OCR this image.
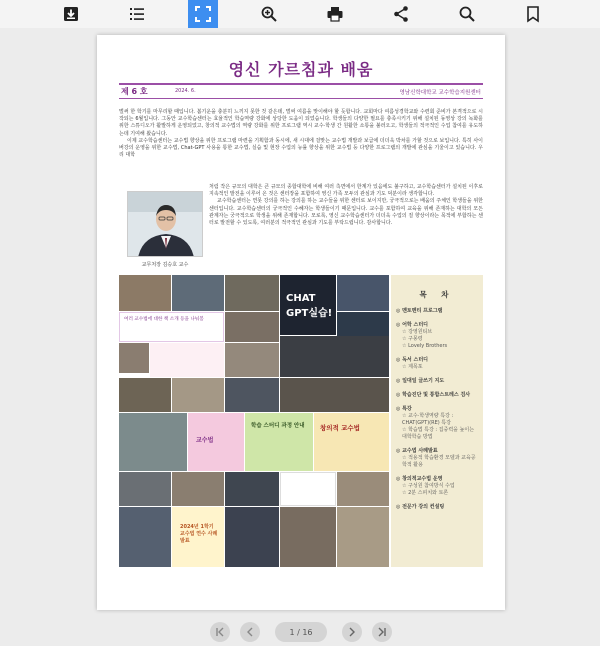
영신 가르침과 배움
제 6 호	2024. 6.	영남신학대학교 교수학습지원센터

벌써 한 학기를 마무리할 때입니다. 봄기운을 충분히 느끼지 못한 것 같은데, 벌써 여름을 맞이해야 할 듯합니다. 교회마다 여름성경학교와 수련회 준비가 본격적으로 시작되는 6월입니다. 그동안 교수학습센터는 효율적인 학습역량 강화에 상당한 도움이 되었습니다. 학생들의 다양한 필요를 충족시키기 위해 설치된 동영상 강의 녹화를 위한 스튜디오가 활발하게 운영되었고, 창의적 교수법의 역량 강화를 위한 프로그램 역시 교수·학생 간 원활한 소통을 불러오고, 학생들의 적극적인 수업 참여를 유도하는데 기여해 왔습니다.

이제 교수학습센터는 교수법 향상을 위한 프로그램 마련을 기획함과 동시에, 새 시대에 걸맞는 교수법 개발과 보급에 더더욱 박차를 가할 것으로 보입니다. 특히 사이버강의 운영을 위한 교수법, Chat-GPT 사용을 통한 교수법, 실습 및 현장 수업의 능률 향상을 위한 교수법 등 다양한 프로그램의 개발에 관심을 기울이고 있습니다. 우리 대학

교무처장 김승호 교수

처럼 작은 규모의 대학은 큰 규모의 종합대학에 비해 여러 측면에서 한계가 있음에도 불구하고, 교수학습센터가 설치된 이후로 지속적인 발전을 이루어 온 것은 센터장을 포함하여 영신 가족 모두의 관심과 기도 덕분이라 생각합니다.

교수학습센터는 연못 강의를 하는 강의를 하는 교수들을 위한 센터로 보이지만, 궁극적으로는 배움의 주체인 학생들을 위한 센터입니다. 교수학습센터의 궁극적인 수혜자는 학생들이기 때문입니다. 교수를 포함하여 교육을 위해 존재하는 대학의 모든 관계자는 궁극적으로 학생을 위해 존재합니다. 모로록, 영신 교수학습센터가 더더욱 수업의 질 향상이라는 목적에 부합하는 센터로 발전할 수 있도록, 여러분의 적극적인 관심과 기도를 부탁드립니다. 감사합니다.

CHAT GPT실습!
여러 교수법에 대한 책 소개 등을 나눠봄
교수법
학습 스터디 과정 안내	창의적 교수법
2024년 1학기 교수법 연수 사례 발표
목 차
◎ 멘토멘티 프로그램
◎ 어학 스터디
☆ 강영원티브
☆ 구몽령
☆ Lovely Brothers
◎ 독서 스터디
☆ 제목포
◎ 일대일 글쓰기 지도
◎ 학습진단 및 통합스트레스 검사
◎ 특강
☆ 교수·학생역량 특강 : CHAT(GPT)(RE) 특강
☆ 학습법 특강 : 집중력을 높이는 대학학습 방법
◎ 교수법 사례발표
☆ 적용적 학습환경 모델과 교육공학적 활용
◎ 창의적교수법 운영
☆ 구성원 참여방식 수업
☆ 2분 스피치와 토론
◎ 전문가 강의 컨설팅
1 / 16
